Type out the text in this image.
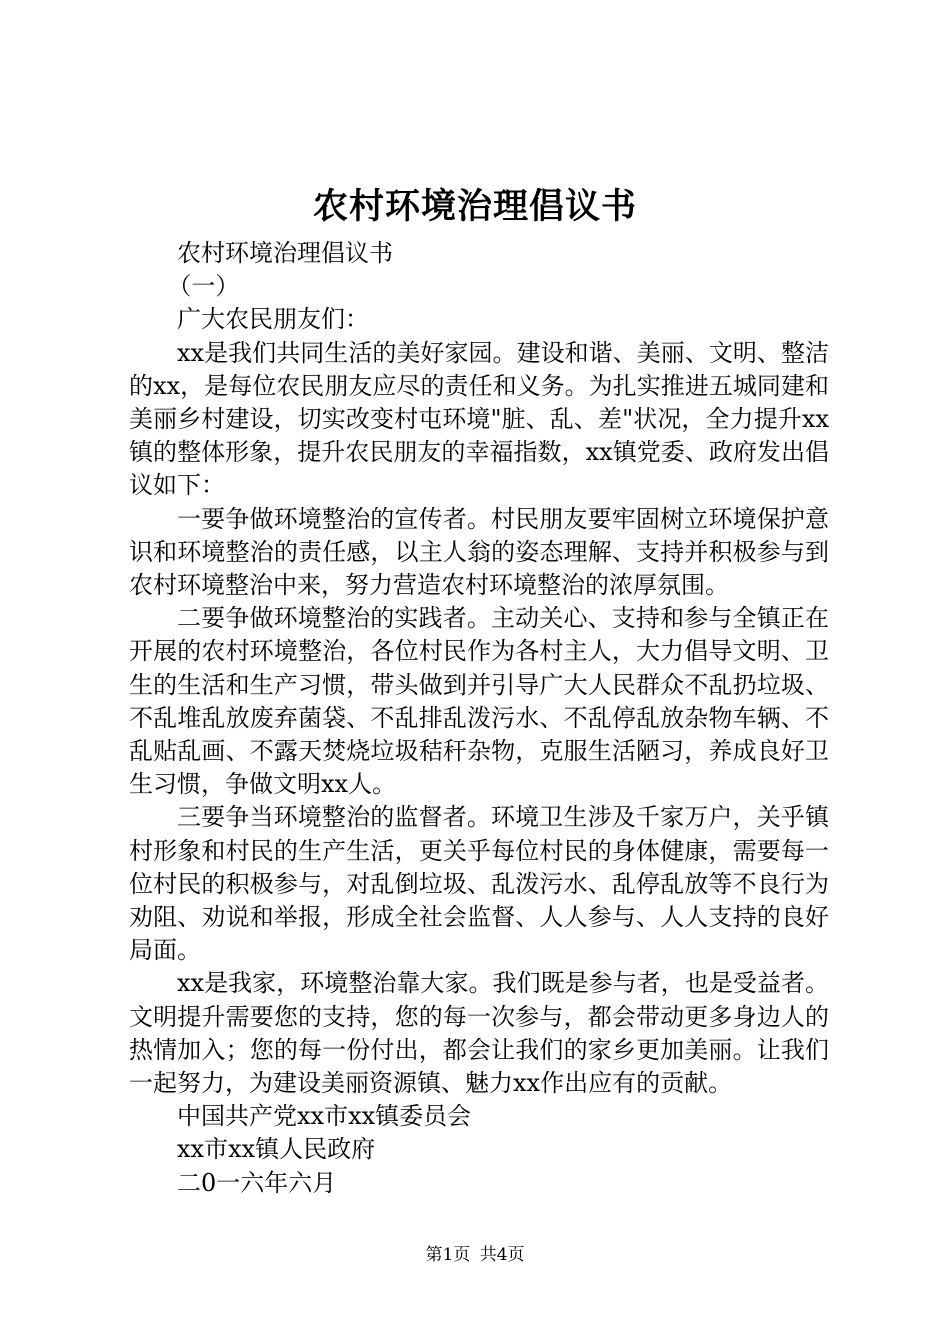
农村环境治理倡议书

农村环境治理倡议书

（一）

广大农民朋友们：

xx是我们共同生活的美好家园。建设和谐、美丽、文明、整洁的xx，是每位农民朋友应尽的责任和义务。为扎实推进五城同建和美丽乡村建设，切实改变村屯环境"脏、乱、差"状况，全力提升xx镇的整体形象，提升农民朋友的幸福指数，xx镇党委、政府发出倡议如下：

一要争做环境整治的宣传者。村民朋友要牢固树立环境保护意识和环境整治的责任感，以主人翁的姿态理解、支持并积极参与到农村环境整治中来，努力营造农村环境整治的浓厚氛围。

二要争做环境整治的实践者。主动关心、支持和参与全镇正在开展的农村环境整治，各位村民作为各村主人，大力倡导文明、卫生的生活和生产习惯，带头做到并引导广大人民群众不乱扔垃圾、不乱堆乱放废弃菌袋、不乱排乱泼污水、不乱停乱放杂物车辆、不乱贴乱画、不露天焚烧垃圾秸秆杂物，克服生活陋习，养成良好卫生习惯，争做文明xx人。

三要争当环境整治的监督者。环境卫生涉及千家万户，关乎镇村形象和村民的生产生活，更关乎每位村民的身体健康，需要每一位村民的积极参与，对乱倒垃圾、乱泼污水、乱停乱放等不良行为劝阻、劝说和举报，形成全社会监督、人人参与、人人支持的良好局面。

xx是我家，环境整治靠大家。我们既是参与者，也是受益者。文明提升需要您的支持，您的每一次参与，都会带动更多身边人的热情加入；您的每一份付出，都会让我们的家乡更加美丽。让我们一起努力，为建设美丽资源镇、魅力xx作出应有的贡献。

中国共产党xx市xx镇委员会

xx市xx镇人民政府

二0一六年六月

第1页 共4页
